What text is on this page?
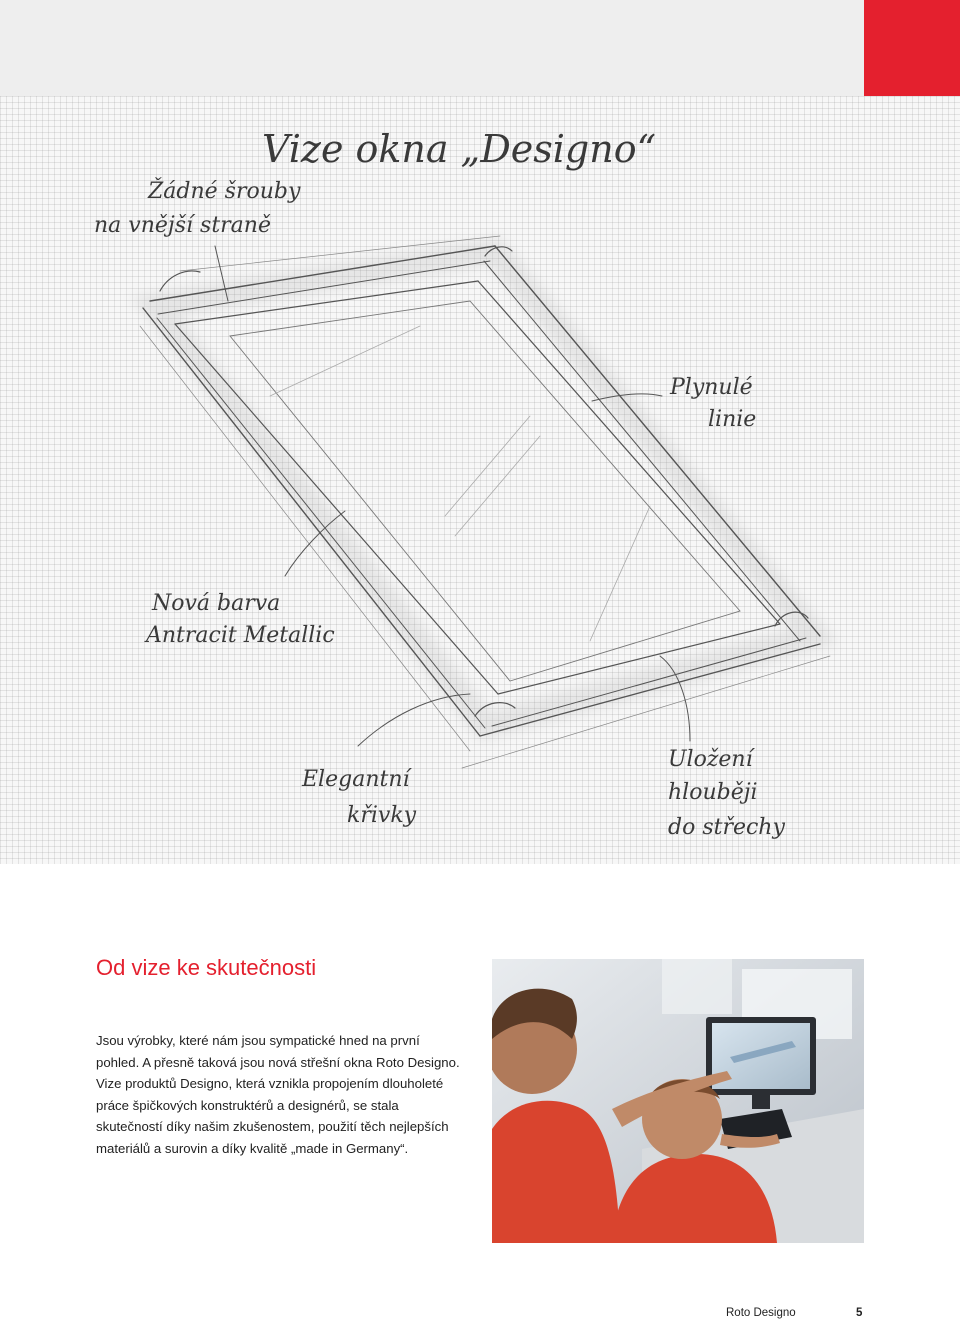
Vize okna „Designo“
Žádné šrouby
na vnější straně
Plynulé
linie
Nová barva
Antracit Metallic
Elegantní
křivky
Uložení
hlouběji
do střechy
Od vize ke skutečnosti

Jsou výrobky, které nám jsou sympatické hned na první pohled. A přesně taková jsou nová střešní okna Roto Designo. Vize produktů Designo, která vznikla propojením dlouholeté práce špičkových konstruktérů a designérů, se stala skutečností díky našim zkušenostem, použití těch nejlepších materiálů a surovin a díky kvalitě „made in Germany“.

Roto Designo	5
